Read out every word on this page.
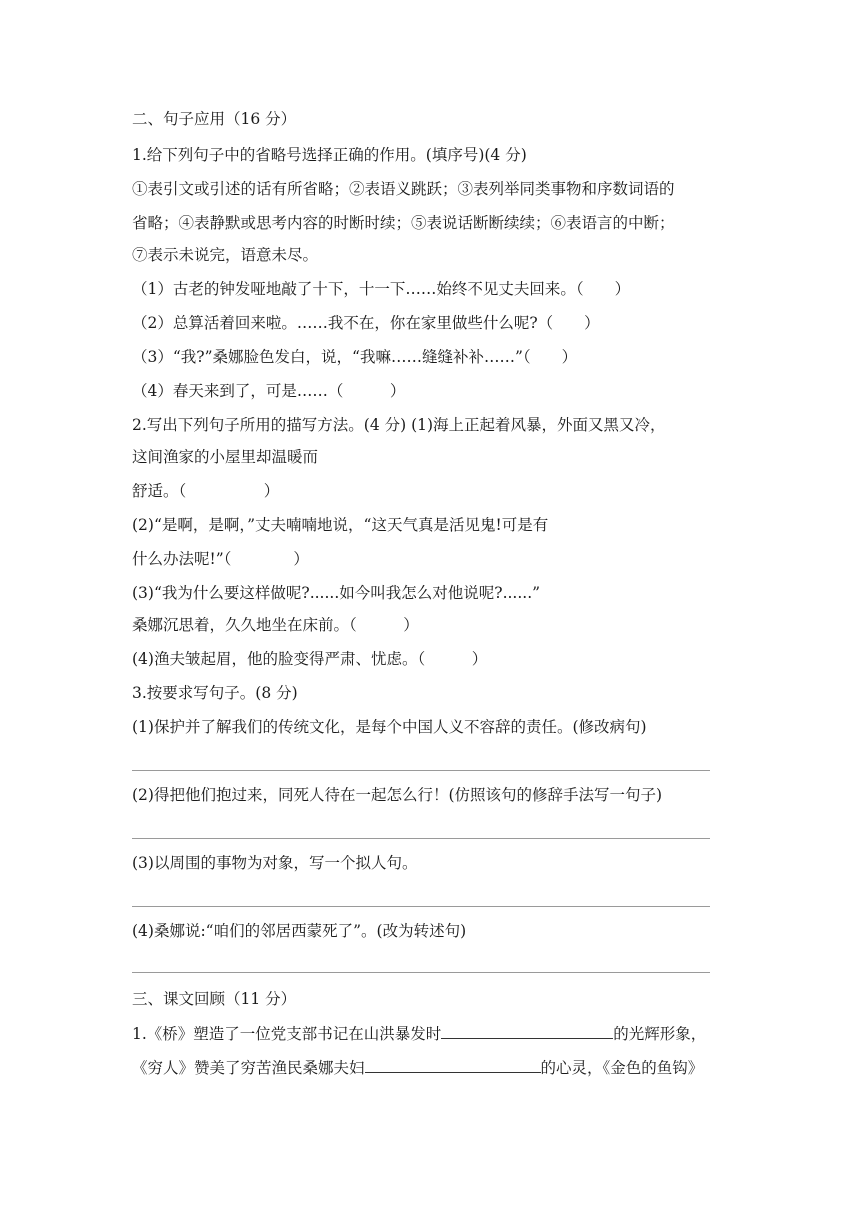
二、句子应用（16 分）
1.给下列句子中的省略号选择正确的作用。(填序号)(4 分)
①表引文或引述的话有所省略；②表语义跳跃；③表列举同类事物和序数词语的
省略；④表静默或思考内容的时断时续；⑤表说话断断续续；⑥表语言的中断；
⑦表示未说完，语意未尽。
（1）古老的钟发哑地敲了十下，十一下……始终不见丈夫回来。（　　）
（2）总算活着回来啦。……我不在，你在家里做些什么呢?（　　）
（3）“我?”桑娜脸色发白，说，“我嘛……缝缝补补……”（　　）
（4）春天来到了，可是……（　　　）
2.写出下列句子所用的描写方法。(4 分) (1)海上正起着风暴，外面又黑又冷，
这间渔家的小屋里却温暖而
舒适。（　　　　　）
(2)“是啊，是啊，”丈夫喃喃地说，“这天气真是活见鬼!可是有
什么办法呢!”（　　　　）
(3)“我为什么要这样做呢?......如今叫我怎么对他说呢?......”
桑娜沉思着，久久地坐在床前。（　　　）
(4)渔夫皱起眉，他的脸变得严肃、忧虑。（　　　）
3.按要求写句子。(8 分)
(1)保护并了解我们的传统文化，是每个中国人义不容辞的责任。(修改病句)
(2)得把他们抱过来，同死人待在一起怎么行！(仿照该句的修辞手法写一句子)
(3)以周围的事物为对象，写一个拟人句。
(4)桑娜说:“咱们的邻居西蒙死了”。(改为转述句)
三、课文回顾（11 分）
1.《桥》塑造了一位党支部书记在山洪暴发时	的光辉形象，
《穷人》赞美了穷苦渔民桑娜夫妇	的心灵，《金色的鱼钩》
